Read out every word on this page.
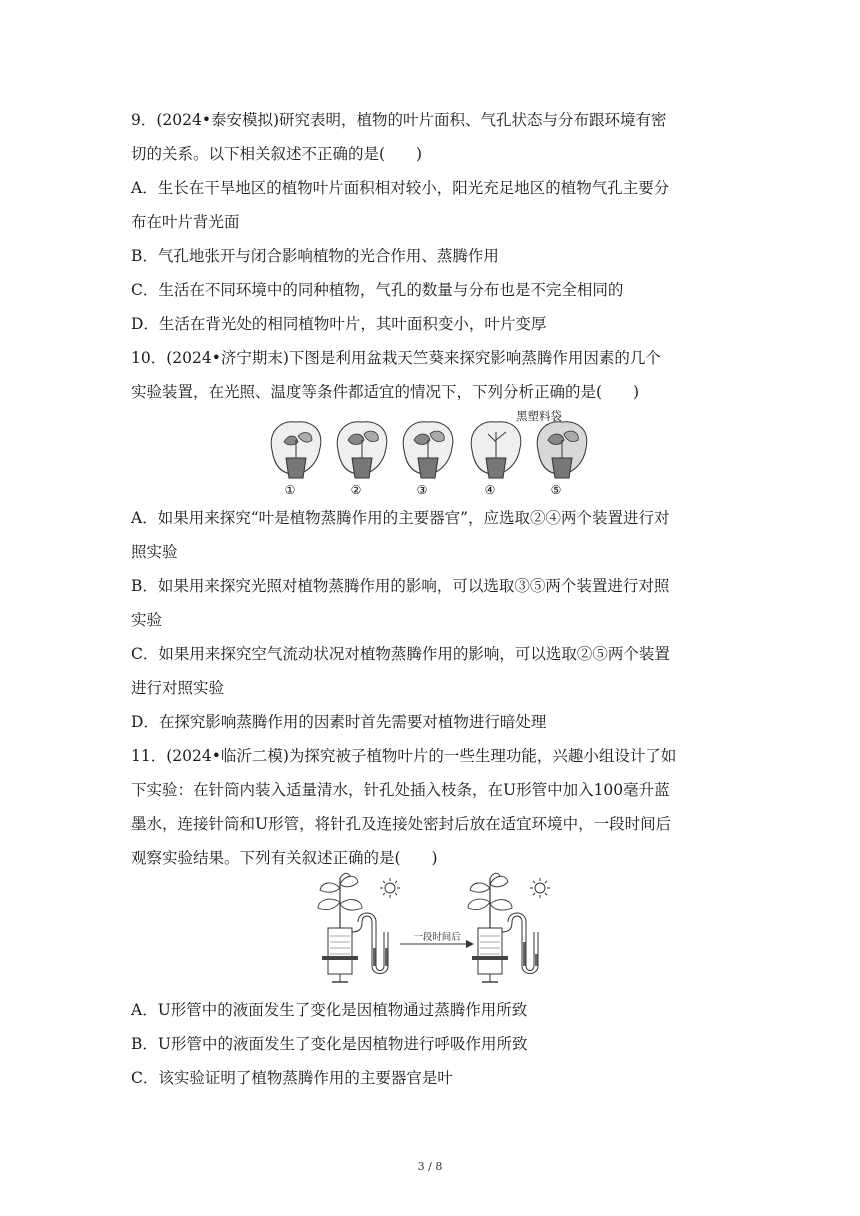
9．(2024•泰安模拟)研究表明，植物的叶片面积、气孔状态与分布跟环境有密
切的关系。以下相关叙述不正确的是(　　)
A．生长在干旱地区的植物叶片面积相对较小，阳光充足地区的植物气孔主要分
布在叶片背光面
B．气孔地张开与闭合影响植物的光合作用、蒸腾作用
C．生活在不同环境中的同种植物，气孔的数量与分布也是不完全相同的
D．生活在背光处的相同植物叶片，其叶面积变小，叶片变厚
10．(2024•济宁期末)下图是利用盆栽天竺葵来探究影响蒸腾作用因素的几个
实验装置，在光照、温度等条件都适宜的情况下，下列分析正确的是(　　)
黑塑料袋
①	②	③	④	⑤
A．如果用来探究“叶是植物蒸腾作用的主要器官”，应选取②④两个装置进行对
照实验
B．如果用来探究光照对植物蒸腾作用的影响，可以选取③⑤两个装置进行对照
实验
C．如果用来探究空气流动状况对植物蒸腾作用的影响，可以选取②⑤两个装置
进行对照实验
D．在探究影响蒸腾作用的因素时首先需要对植物进行暗处理
11．(2024•临沂二模)为探究被子植物叶片的一些生理功能，兴趣小组设计了如
下实验：在针筒内装入适量清水，针孔处插入枝条，在U形管中加入100毫升蓝
墨水，连接针筒和U形管，将针孔及连接处密封后放在适宜环境中，一段时间后
观察实验结果。下列有关叙述正确的是(　　)
一段时间后
A．U形管中的液面发生了变化是因植物通过蒸腾作用所致
B．U形管中的液面发生了变化是因植物进行呼吸作用所致
C．该实验证明了植物蒸腾作用的主要器官是叶
3 / 8
